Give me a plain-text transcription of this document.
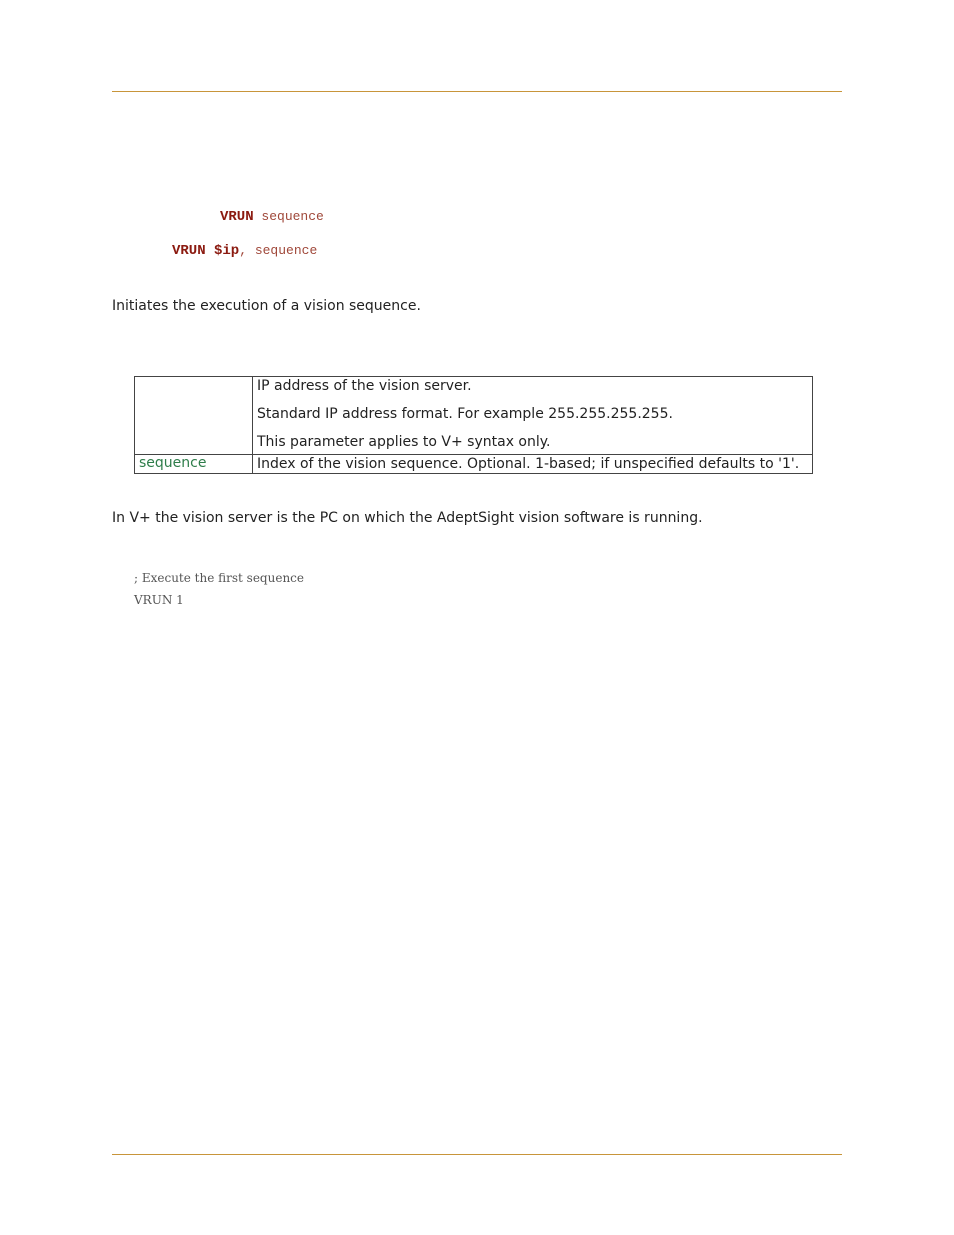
VRUN sequence
VRUN $ip, sequence
Initiates the execution of a vision sequence.

	IP address of the vision server.

Standard IP address format. For example 255.255.255.255.

This parameter applies to V+ syntax only.

sequence	Index of the vision sequence. Optional. 1-based; if unspecified defaults to '1'.

In V+ the vision server is the PC on which the AdeptSight vision software is running.
; Execute the first sequence
VRUN 1
